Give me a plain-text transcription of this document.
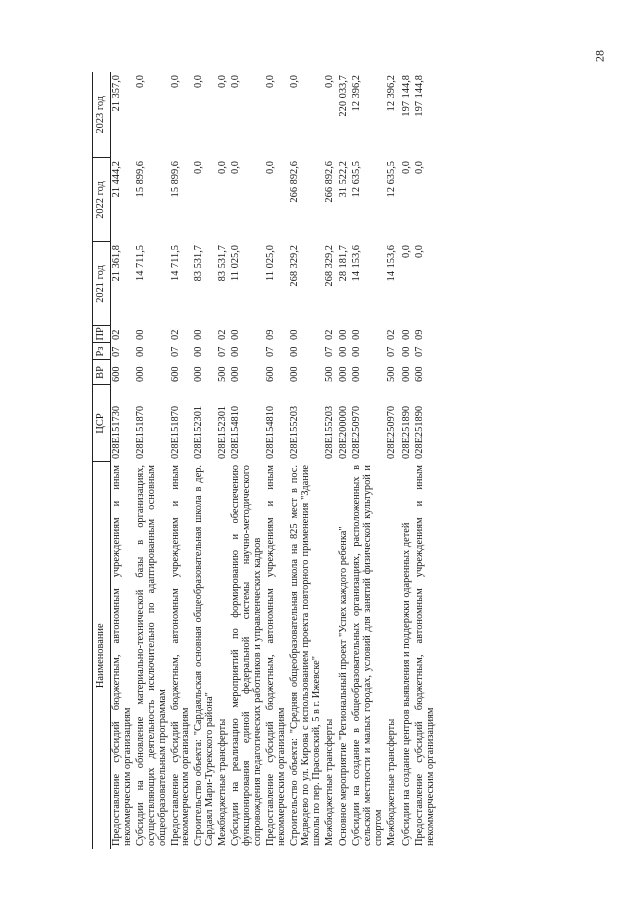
28
Наименование	ЦСР	ВР	Рз	ПР	2021 год	2022 год	2023 год
Предоставление субсидий бюджетным, автономным учреждениям и иным некоммерческим организациям	028E151730	600	07	02	21 361,8	21 444,2	21 357,0
Субсидии на обновление материально-технической базы в организациях, осуществляющих деятельность исключительно по адаптированным основным общеобразовательным программам	028E151870	000	00	00	14 711,5	15 899,6	0,0
Предоставление субсидий бюджетным, автономным учреждениям и иным некоммерческим организациям	028E151870	600	07	02	14 711,5	15 899,6	0,0
Строительство объекта: "Сардаяльская основная общеобразовательная школа в дер. Сардаял Мари-Турекского района"	028E152301	000	00	00	83 531,7	0,0	0,0
Межбюджетные трансферты	028E152301	500	07	02	83 531,7	0,0	0,0
Субсидии на реализацию мероприятий по формированию и обеспечению функционирования единой федеральной системы научно-методического сопровождения педагогических работников и управленческих кадров	028E154810	000	00	00	11 025,0	0,0	0,0
Предоставление субсидий бюджетным, автономным учреждениям и иным некоммерческим организациям	028E154810	600	07	09	11 025,0	0,0	0,0
Строительство объекта: "Средняя общеобразовательная школа на 825 мест в пос. Медведево по ул. Кирова с использованием проекта повторного применения "Здание школы по пер. Прасовский, 5 в г. Ижевске"	028E155203	000	00	00	268 329,2	266 892,6	0,0
Межбюджетные трансферты	028E155203	500	07	02	268 329,2	266 892,6	0,0
Основное мероприятие "Региональный проект "Успех каждого ребенка"	028E200000	000	00	00	28 181,7	31 522,2	220 033,7
Субсидии на создание в общеобразовательных организациях, расположенных в сельской местности и малых городах, условий для занятий физической культурой и спортом	028E250970	000	00	00	14 153,6	12 635,5	12 396,2
Межбюджетные трансферты	028E250970	500	07	02	14 153,6	12 635,5	12 396,2
Субсидии на создание центров выявления и поддержки одаренных детей	028E251890	000	00	00	0,0	0,0	197 144,8
Предоставление субсидий бюджетным, автономным учреждениям и иным некоммерческим организациям	028E251890	600	07	09	0,0	0,0	197 144,8
